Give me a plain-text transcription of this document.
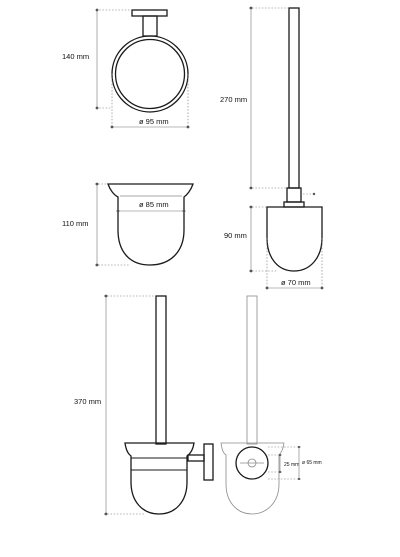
140 mm
ø 95 mm
110 mm
ø 85 mm
270 mm
90 mm
ø 70 mm
370 mm
25 mm ø 65 mm
